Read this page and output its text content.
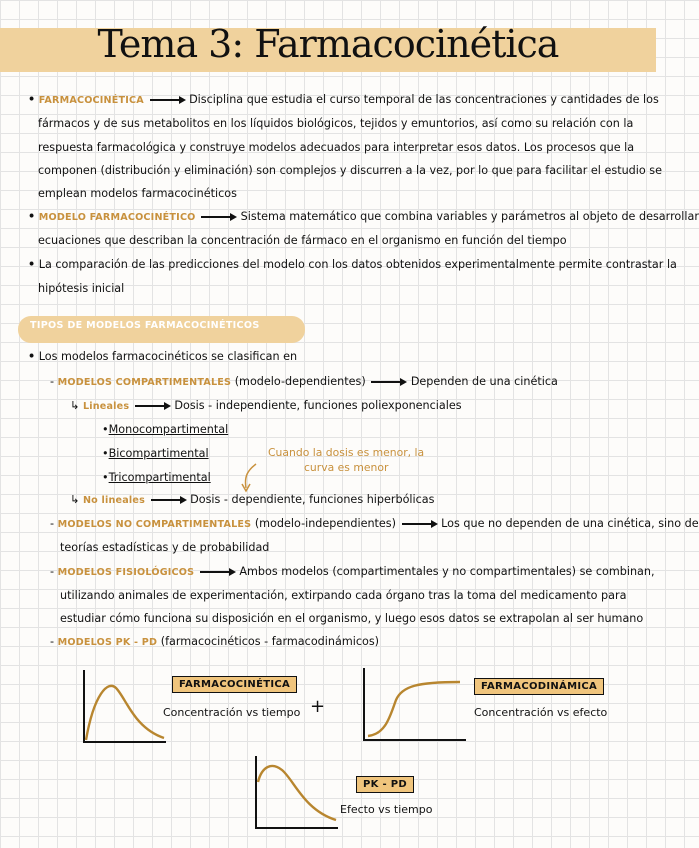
Tema 3: Farmacocinética
• FARMACOCINÉTICA	Disciplina que estudia el curso temporal de las concentraciones y cantidades de los
fármacos y de sus metabolitos en los líquidos biológicos, tejidos y emuntorios, así como su relación con la
respuesta farmacológica y construye modelos adecuados para interpretar esos datos. Los procesos que la
componen (distribución y eliminación) son complejos y discurren a la vez, por lo que para facilitar el estudio se
emplean modelos farmacocinéticos
• MODELO FARMACOCINÉTICO	Sistema matemático que combina variables y parámetros al objeto de desarrollar
ecuaciones que describan la concentración de fármaco en el organismo en función del tiempo
• La comparación de las predicciones del modelo con los datos obtenidos experimentalmente permite contrastar la
hipótesis inicial
TIPOS DE MODELOS FARMACOCINÉTICOS
• Los modelos farmacocinéticos se clasifican en
- MODELOS COMPARTIMENTALES (modelo-dependientes)	Dependen de una cinética
↳ Lineales	Dosis - independiente, funciones poliexponenciales
•Monocompartimental
•Bicompartimental
•Tricompartimental
Cuando la dosis es menor, la
curva es menor
↳ No lineales	Dosis - dependiente, funciones hiperbólicas
- MODELOS NO COMPARTIMENTALES (modelo-independientes)	Los que no dependen de una cinética, sino de
teorías estadísticas y de probabilidad
- MODELOS FISIOLÓGICOS	Ambos modelos (compartimentales y no compartimentales) se combinan,
utilizando animales de experimentación, extirpando cada órgano tras la toma del medicamento para
estudiar cómo funciona su disposición en el organismo, y luego esos datos se extrapolan al ser humano
- MODELOS PK - PD (farmacocinéticos - farmacodinámicos)
FARMACOCINÉTICA
Concentración vs tiempo +
FARMACODINÁMICA
Concentración vs efecto
PK - PD
Efecto vs tiempo
